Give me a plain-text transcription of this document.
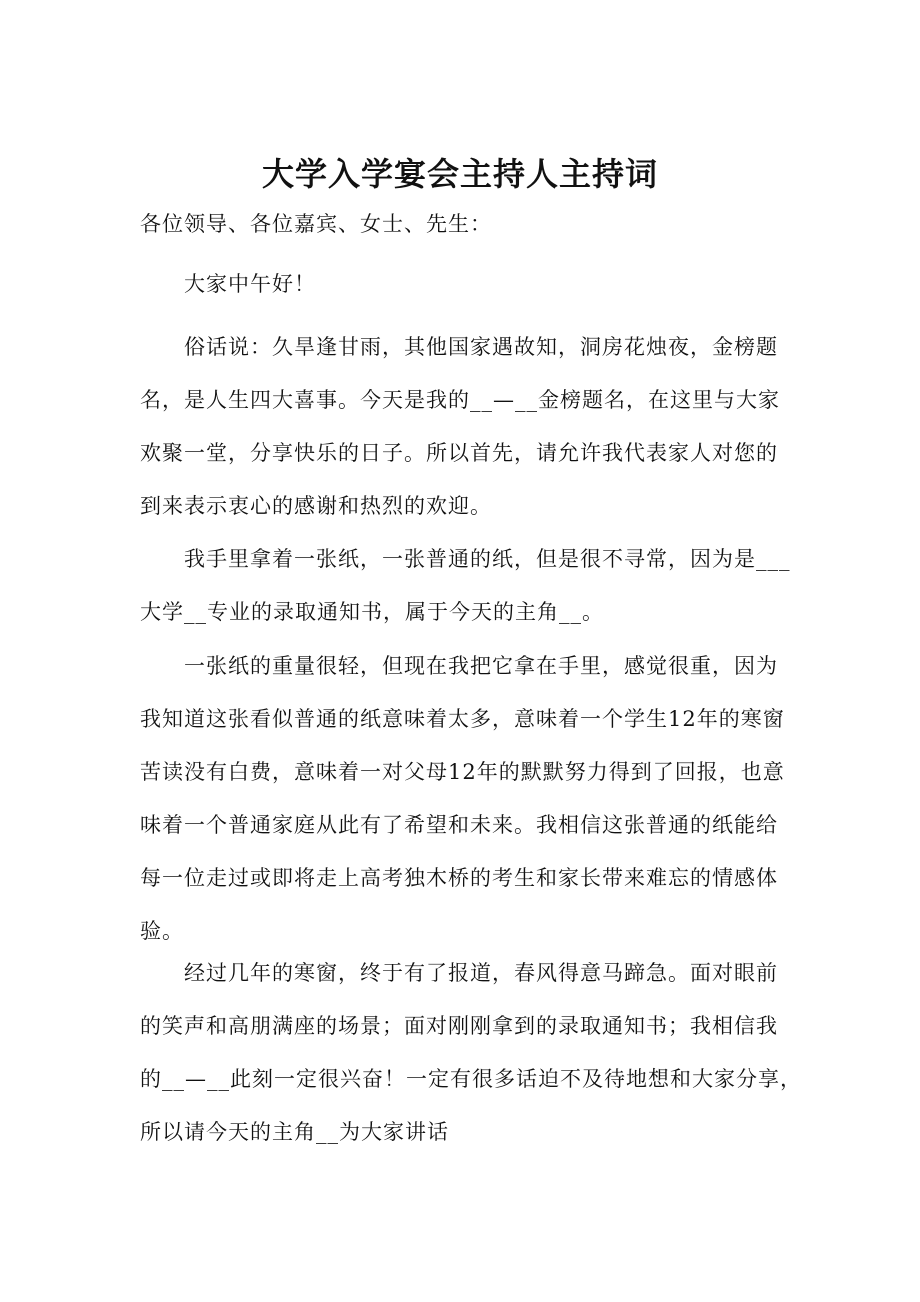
大学入学宴会主持人主持词
各位领导、各位嘉宾、女士、先生：
大家中午好！
俗话说：久旱逢甘雨，其他国家遇故知，洞房花烛夜，金榜题
名，是人生四大喜事。今天是我的__—__金榜题名，在这里与大家
欢聚一堂，分享快乐的日子。所以首先，请允许我代表家人对您的
到来表示衷心的感谢和热烈的欢迎。
我手里拿着一张纸，一张普通的纸，但是很不寻常，因为是___
大学__专业的录取通知书，属于今天的主角__。
一张纸的重量很轻，但现在我把它拿在手里，感觉很重，因为
我知道这张看似普通的纸意味着太多，意味着一个学生12年的寒窗
苦读没有白费，意味着一对父母12年的默默努力得到了回报，也意
味着一个普通家庭从此有了希望和未来。我相信这张普通的纸能给
每一位走过或即将走上高考独木桥的考生和家长带来难忘的情感体
验。
经过几年的寒窗，终于有了报道，春风得意马蹄急。面对眼前
的笑声和高朋满座的场景；面对刚刚拿到的录取通知书；我相信我
的__—__此刻一定很兴奋！一定有很多话迫不及待地想和大家分享，
所以请今天的主角__为大家讲话
